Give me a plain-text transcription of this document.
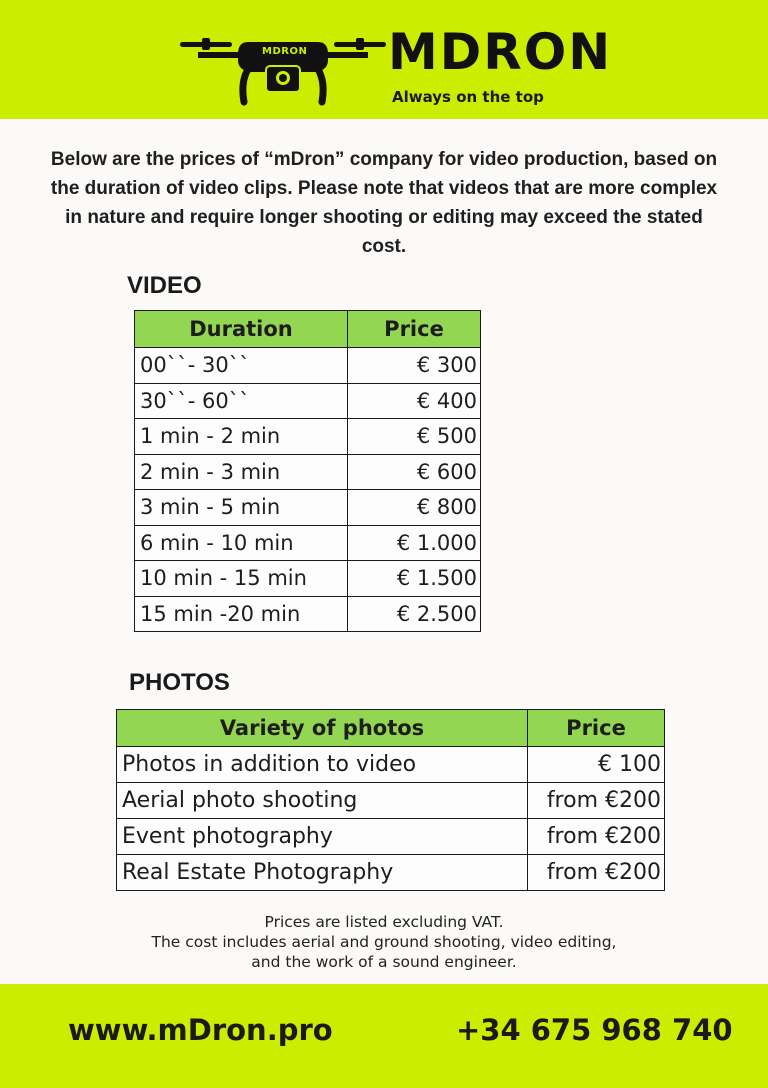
MDRON MDRON
Always on the top
Below are the prices of “mDron” company for video production, based on the duration of video clips. Please note that videos that are more complex in nature and require longer shooting or editing may exceed the stated cost.
VIDEO
Duration	Price
00``- 30``	€ 300
30``- 60``	€ 400
1 min - 2 min	€ 500
2 min - 3 min	€ 600
3 min - 5 min	€ 800
6 min - 10 min	€ 1.000
10 min - 15 min	€ 1.500
15 min -20 min	€ 2.500
PHOTOS
Variety of photos	Price
Photos in addition to video	€ 100
Aerial photo shooting	from €200
Event photography	from €200
Real Estate Photography	from €200
Prices are listed excluding VAT.
The cost includes aerial and ground shooting, video editing,
and the work of a sound engineer.
www.mDron.pro	+34 675 968 740
